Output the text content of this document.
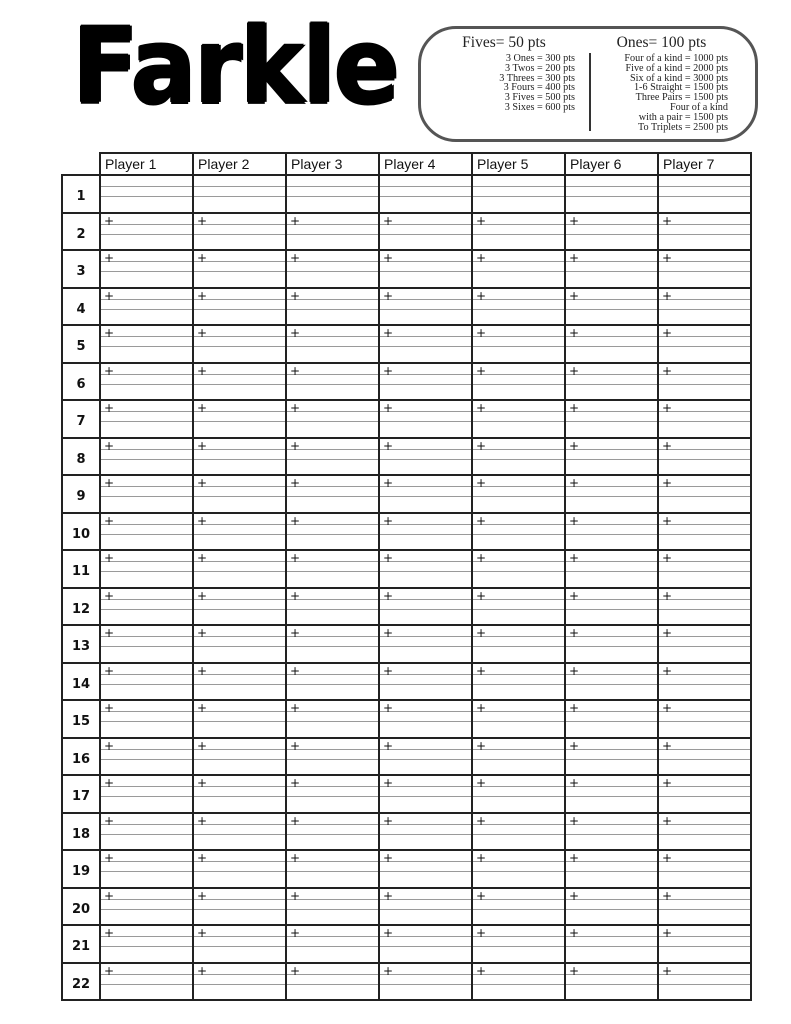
Farkle	Fives= 50 pts
3 Ones = 300 pts
3 Twos = 200 pts
3 Threes = 300 pts
3 Fours = 400 pts
3 Fives = 500 pts
3 Sixes = 600 pts
Ones= 100 pts
Four of a kind = 1000 pts
Five of a kind = 2000 pts
Six of a kind = 3000 pts
1-6 Straight = 1500 pts
Three Pairs = 1500 pts
Four of a kind
with a pair = 1500 pts
To Triplets = 2500 pts
	Player 1	Player 2	Player 3	Player 4	Player 5	Player 6	Player 7
1	

2	+	+	+	+	+	+	+

3	+	+	+	+	+	+	+

4	+	+	+	+	+	+	+

5	+	+	+	+	+	+	+

6	+	+	+	+	+	+	+

7	+	+	+	+	+	+	+

8	+	+	+	+	+	+	+

9	+	+	+	+	+	+	+

10	+	+	+	+	+	+	+

11	+	+	+	+	+	+	+

12	+	+	+	+	+	+	+

13	+	+	+	+	+	+	+

14	+	+	+	+	+	+	+

15	+	+	+	+	+	+	+

16	+	+	+	+	+	+	+

17	+	+	+	+	+	+	+

18	+	+	+	+	+	+	+

19	+	+	+	+	+	+	+

20	+	+	+	+	+	+	+

21	+	+	+	+	+	+	+

22	+	+	+	+	+	+	+
